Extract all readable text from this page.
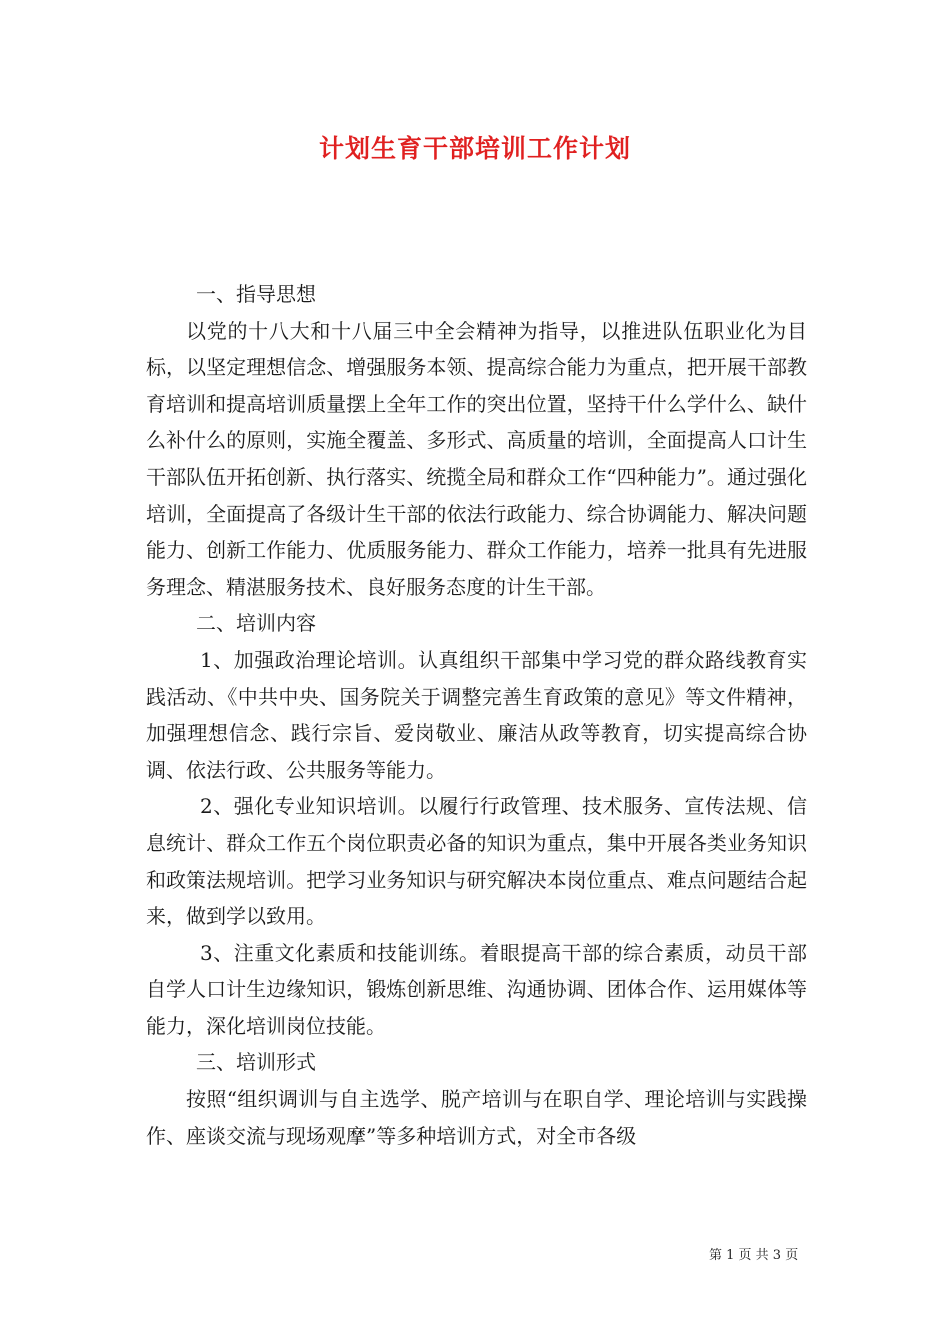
计划生育干部培训工作计划

一、指导思想

以党的十八大和十八届三中全会精神为指导，以推进队伍职业化为目标，以坚定理想信念、增强服务本领、提高综合能力为重点，把开展干部教育培训和提高培训质量摆上全年工作的突出位置，坚持干什么学什么、缺什么补什么的原则，实施全覆盖、多形式、高质量的培训，全面提高人口计生干部队伍开拓创新、执行落实、统揽全局和群众工作“四种能力”。通过强化培训，全面提高了各级计生干部的依法行政能力、综合协调能力、解决问题能力、创新工作能力、优质服务能力、群众工作能力，培养一批具有先进服务理念、精湛服务技术、良好服务态度的计生干部。

二、培训内容

1、加强政治理论培训。认真组织干部集中学习党的群众路线教育实践活动、《中共中央、国务院关于调整完善生育政策的意见》等文件精神，加强理想信念、践行宗旨、爱岗敬业、廉洁从政等教育，切实提高综合协调、依法行政、公共服务等能力。

2、强化专业知识培训。以履行行政管理、技术服务、宣传法规、信息统计、群众工作五个岗位职责必备的知识为重点，集中开展各类业务知识和政策法规培训。把学习业务知识与研究解决本岗位重点、难点问题结合起来，做到学以致用。

3、注重文化素质和技能训练。着眼提高干部的综合素质，动员干部自学人口计生边缘知识，锻炼创新思维、沟通协调、团体合作、运用媒体等能力，深化培训岗位技能。

三、培训形式

按照“组织调训与自主选学、脱产培训与在职自学、理论培训与实践操作、座谈交流与现场观摩”等多种培训方式，对全市各级

第 1 页 共 3 页
